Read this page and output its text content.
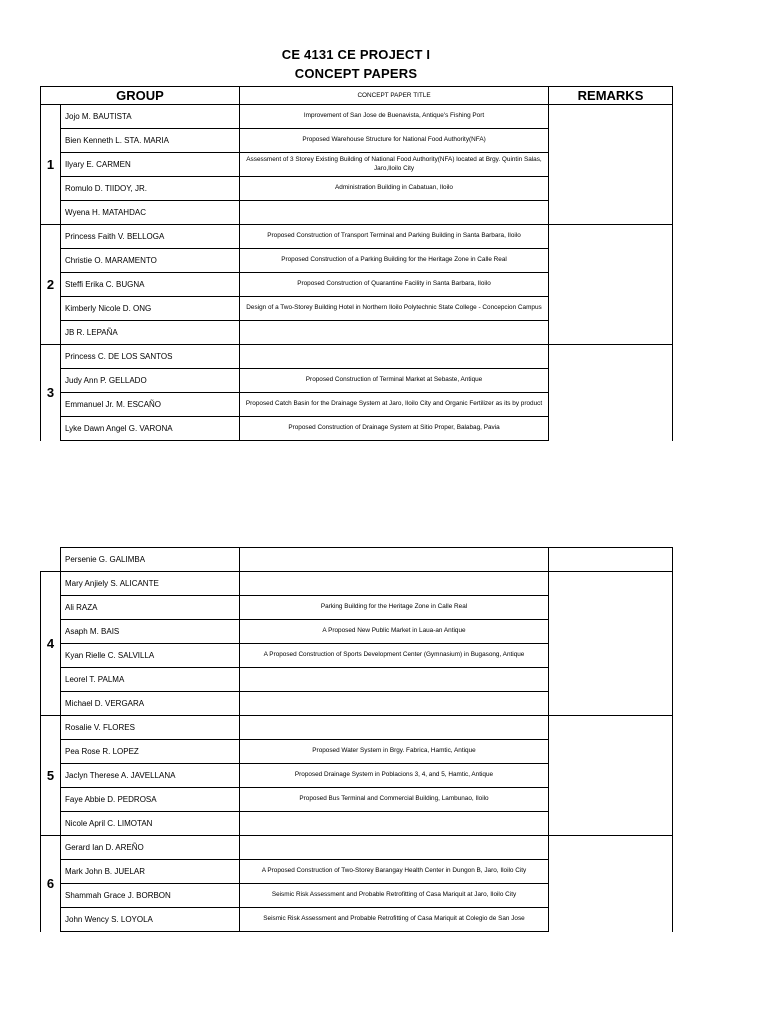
CE 4131 CE PROJECT I
CONCEPT PAPERS
GROUP		CONCEPT PAPER TITLE	REMARKS
1	Jojo M. BAUTISTA	Improvement of San Jose de Buenavista, Antique's Fishing Port	
	Bien Kenneth L. STA. MARIA	Proposed Warehouse Structure for National Food Authority(NFA)	
	Ilyary E. CARMEN	Assessment of 3 Storey Existing Building of National Food Authority(NFA) located at Brgy. Quintin Salas, Jaro,Iloilo City	
	Romulo D. TIIDOY, JR.	Administration Building in Cabatuan, Iloilo	
	Wyena H. MATAHDAC		
2	Princess Faith V. BELLOGA	Proposed Construction of Transport Terminal and Parking Building in Santa Barbara, Iloilo	
	Christie O. MARAMENTO	Proposed Construction of a Parking Building for the Heritage Zone in Calle Real	
	Steffi Erika C. BUGNA	Proposed Construction of Quarantine Facility in Santa Barbara, Iloilo	
	Kimberly Nicole D. ONG	Design of a Two-Storey Building Hotel in Northern Iloilo Polytechnic State College - Concepcion Campus	
	JB R. LEPAÑA		
3	Princess C. DE LOS SANTOS		
	Judy Ann P. GELLADO	Proposed Construction of Terminal Market at Sebaste, Antique	
	Emmanuel Jr. M. ESCAÑO	Proposed Catch Basin for the Drainage System at Jaro, Iloilo City and Organic Fertilizer as its by product	
	Lyke Dawn Angel G. VARONA	Proposed Construction of Drainage System at Sitio Proper, Balabag, Pavia	
	Persenie G. GALIMBA		
4	Mary Anjiely S. ALICANTE		
	Ali RAZA	Parking Building for the Heritage Zone in Calle Real	
	Asaph M. BAIS	A Proposed New Public Market in Laua-an Antique	
	Kyan Rielle C. SALVILLA	A Proposed Construction of Sports Development Center (Gymnasium) in Bugasong, Antique	
	Leorel T. PALMA		
	Michael D. VERGARA		
5	Rosalie V. FLORES		
	Pea Rose R. LOPEZ	Proposed Water System in Brgy. Fabrica, Hamtic, Antique	
	Jaclyn Therese A. JAVELLANA	Proposed Drainage System in Poblacions 3, 4, and 5, Hamtic, Antique	
	Faye Abbie D. PEDROSA	Proposed Bus Terminal and Commercial Building, Lambunao, Iloilo	
	Nicole April C. LIMOTAN		
6	Gerard Ian D. AREÑO		
	Mark John B. JUELAR	A Proposed Construction of Two-Storey Barangay Health Center in Dungon B, Jaro, Iloilo City	
	Shammah Grace J. BORBON	Seismic Risk Assessment and Probable Retrofitting of Casa Mariquit at Jaro, Iloilo City	
	John Wency S. LOYOLA	Seismic Risk Assessment and Probable Retrofitting of Casa Mariquit at Colegio de San Jose	
